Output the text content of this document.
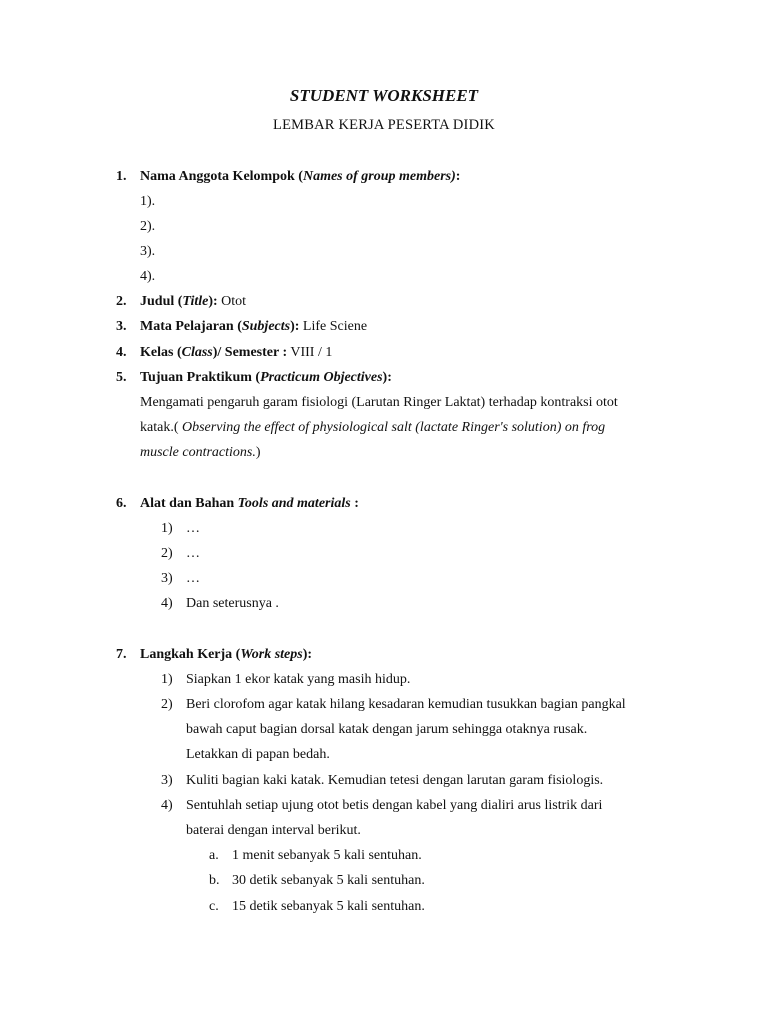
STUDENT WORKSHEET
LEMBAR KERJA PESERTA DIDIK
1. Nama Anggota Kelompok (Names of group members):
1).
2).
3).
4).
2. Judul (Title): Otot
3. Mata Pelajaran (Subjects): Life Sciene
4. Kelas (Class)/ Semester : VIII / 1
5. Tujuan Praktikum (Practicum Objectives):
Mengamati pengaruh garam fisiologi (Larutan Ringer Laktat) terhadap kontraksi otot
katak.( Observing the effect of physiological salt (lactate Ringer's solution) on frog
muscle contractions.)
6. Alat dan Bahan Tools and materials :
1) …
2) …
3) …
4) Dan seterusnya .
7. Langkah Kerja (Work steps):
1) Siapkan 1 ekor katak yang masih hidup.
2) Beri clorofom agar katak hilang kesadaran kemudian tusukkan bagian pangkal
bawah caput bagian dorsal katak dengan jarum sehingga otaknya rusak.
Letakkan di papan bedah.
3) Kuliti bagian kaki katak. Kemudian tetesi dengan larutan garam fisiologis.
4) Sentuhlah setiap ujung otot betis dengan kabel yang dialiri arus listrik dari
baterai dengan interval berikut.
a. 1 menit sebanyak 5 kali sentuhan.
b. 30 detik sebanyak 5 kali sentuhan.
c. 15 detik sebanyak 5 kali sentuhan.
